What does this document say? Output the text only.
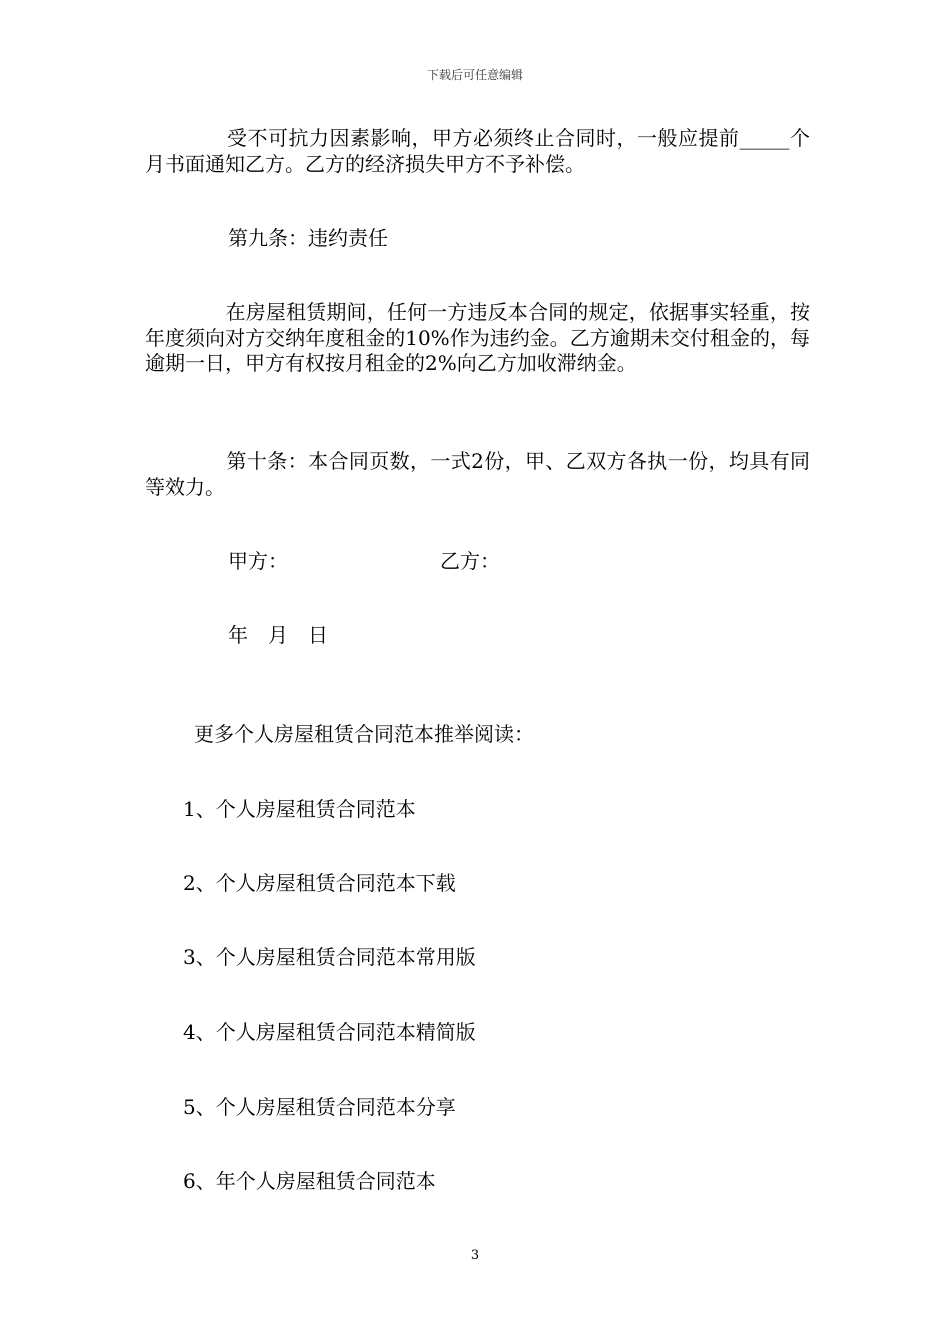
下载后可任意编辑

　　　　受不可抗力因素影响，甲方必须终止合同时，一般应提前_____个月书面通知乙方。乙方的经济损失甲方不予补偿。

第九条：违约责任

　　　　在房屋租赁期间，任何一方违反本合同的规定，依据事实轻重，按年度须向对方交纳年度租金的10%作为违约金。乙方逾期未交付租金的，每逾期一日，甲方有权按月租金的2%向乙方加收滞纳金。

　　　　第十条：本合同页数，一式2份，甲、乙双方各执一份，均具有同等效力。

甲方：	乙方：

年　月　日

更多个人房屋租赁合同范本推举阅读：

1、个人房屋租赁合同范本

2、个人房屋租赁合同范本下载

3、个人房屋租赁合同范本常用版

4、个人房屋租赁合同范本精简版

5、个人房屋租赁合同范本分享

6、年个人房屋租赁合同范本

3
